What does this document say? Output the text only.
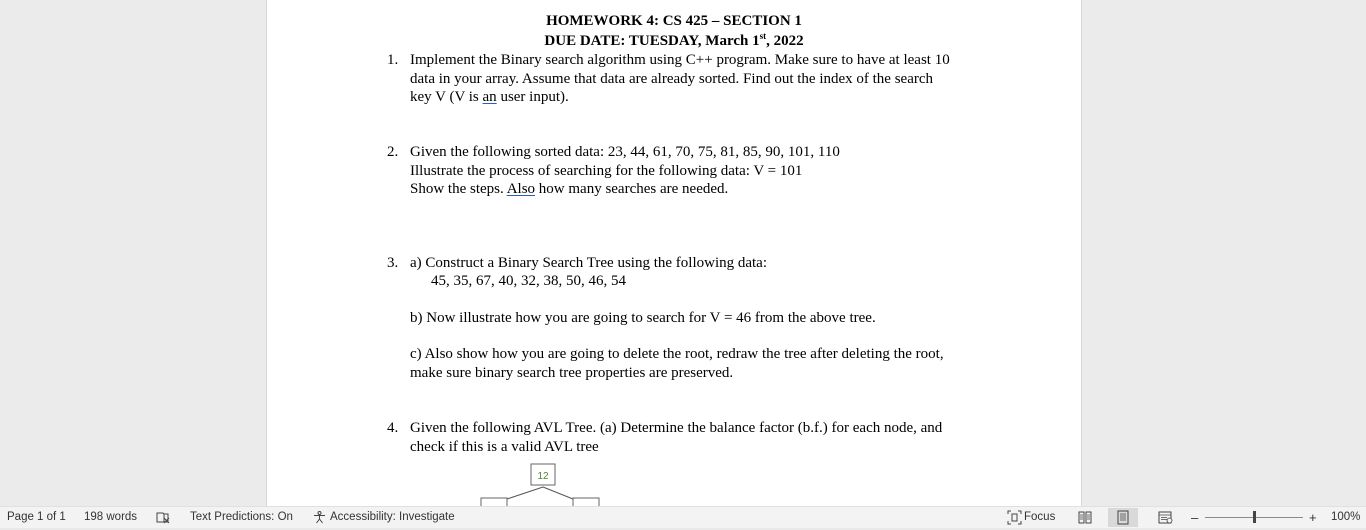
HOMEWORK 4: CS 425 – SECTION 1
DUE DATE: TUESDAY, March 1st, 2022
1. Implement the Binary search algorithm using C++ program. Make sure to have at least 10
data in your array. Assume that data are already sorted. Find out the index of the search
key V (V is an user input).
2. Given the following sorted data: 23, 44, 61, 70, 75, 81, 85, 90, 101, 110
Illustrate the process of searching for the following data: V = 101
Show the steps. Also how many searches are needed.
3. a) Construct a Binary Search Tree using the following data:
45, 35, 67, 40, 32, 38, 50, 46, 54
b) Now illustrate how you are going to search for V = 46 from the above tree.
c) Also show how you are going to delete the root, redraw the tree after deleting the root,
make sure binary search tree properties are preserved.
4. Given the following AVL Tree. (a) Determine the balance factor (b.f.) for each node, and
check if this is a valid AVL tree
12
Page 1 of 1 198 words	Text Predictions: On	Accessibility: Investigate	Focus	–	+ 100%
